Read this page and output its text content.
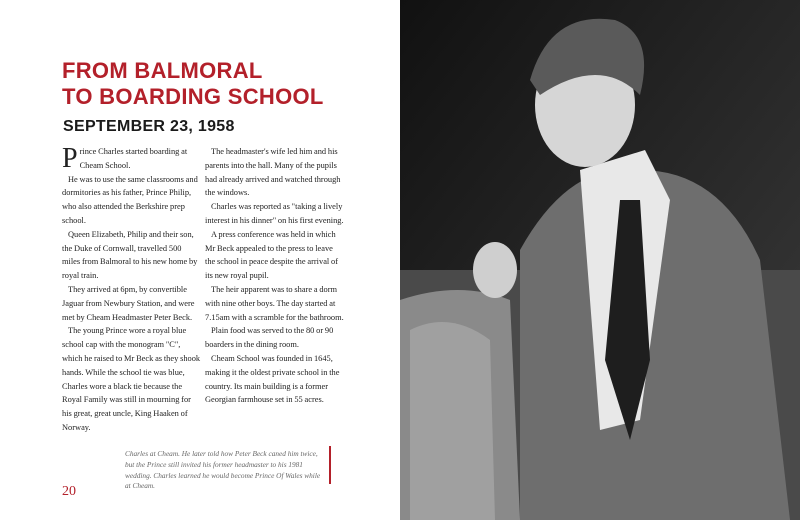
FROM BALMORAL
TO BOARDING SCHOOL
SEPTEMBER 23, 1958

Prince Charles started boarding at Cheam School.

He was to use the same classrooms and dormitories as his father, Prince Philip, who also attended the Berkshire prep school.

Queen Elizabeth, Philip and their son, the Duke of Cornwall, travelled 500 miles from Balmoral to his new home by royal train.

They arrived at 6pm, by convertible Jaguar from Newbury Station, and were met by Cheam Headmaster Peter Beck.

The young Prince wore a royal blue school cap with the monogram "C", which he raised to Mr Beck as they shook hands. While the school tie was blue, Charles wore a black tie because the Royal Family was still in mourning for his great, great uncle, King Haaken of Norway.

The headmaster's wife led him and his parents into the hall. Many of the pupils had already arrived and watched through the windows.

Charles was reported as "taking a lively interest in his dinner" on his first evening.

A press conference was held in which Mr Beck appealed to the press to leave the school in peace despite the arrival of its new royal pupil.

The heir apparent was to share a dorm with nine other boys. The day started at 7.15am with a scramble for the bathroom.

Plain food was served to the 80 or 90 boarders in the dining room.

Cheam School was founded in 1645, making it the oldest private school in the country. Its main building is a former Georgian farmhouse set in 55 acres.

Charles at Cheam. He later told how Peter Beck caned him twice, but the Prince still invited his former headmaster to his 1981 wedding. Charles learned he would become Prince Of Wales while at Cheam.
20
